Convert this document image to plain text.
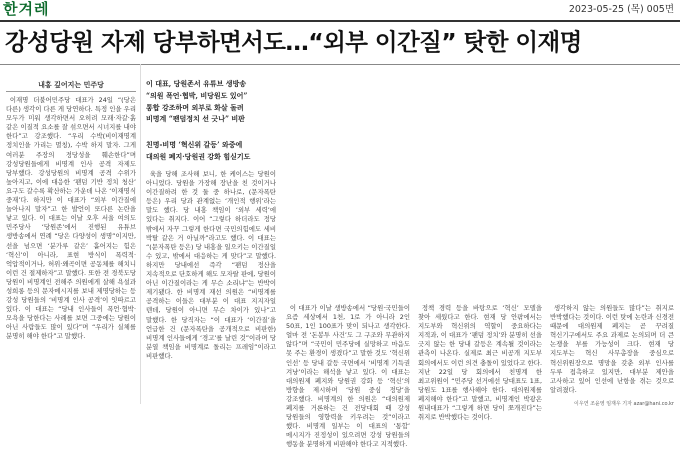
한겨레	2023-05-25 (목) 005면
강성당원 자제 당부하면서도…“외부 이간질” 탓한 이재명
내홍 깊어지는 민주당	이 대표, 당원존서 유튜브 생방송
“의원 폭언·협박, 비당원도 있어”
통합 강조하며 외부로 화살 돌려
비명계 “팬덤정치 선 긋나” 비판
친명-비명 ‘혁신위 갈등’ 와중에
대의원 폐지·당원권 강화 힘싣기도

이재명 더불어민주당 대표가 24일 “(당은 다른) 생각이 다른 게 당연하다. 특정 인을 우리 모두가 미워 생각하면서 오히려 모래·자갈·흙 같은 이질적 요소를 잘 섞으면서 시너지를 내야 한다”고 강조했다. “우리 수박(비이재명계 정치인을 가리는 멸칭), 수박 하지 말자. 그게 여러분 주장의 정당성을 훼손한다”며 강성당원들에게 비명계 인사 공격 자제도 당부했다. 강성당원의 비명계 공격 수위가 높아지고, 이에 대응한 ‘팬덤 기반 정치 청산’ 요구도 갈수록 확산하는 가운데 나온 ‘이재명식 중재’다. 하지만 이 대표가 “외부 이간질에 놀아나지 말자”고 한 발언이 또다른 논란을 낳고 있다. 이 대표는 이날 오후 서울 여의도 민주당사 ‘당원존’에서 진행된 유튜브 생방송에서 연례 “당은 다양성이 생명”이지만, 선을 넘으면 ‘분가루 같은’ 흩어지는 힘은 ‘혁신’이 아니라, 표현 방식이 폭력적·억압적이거나, 허위·왜곡이면 공동체를 해치니 이런 건 절제하자”고 말했다. 또한 전 경북도당 당원이 비명계인 전해주 의원에게 살해 욕설과 성희롱 등의 문자메시지를 보내 제명당하는 등 강성 당원들의 ‘비명계 인사 공격’이 잇따르고 있다. 이 대표는 “당내 인사들이 폭언·협박·모욕을 당한다는 사례를 보면 그중에는 당원이 아닌 사람들도 많이 있다”며 “우리가 실체를 분명히 해야 한다”고 말했다.

육을 당해 조사해 보니, 한 케이스는 당원이 아니었다. 당원을 가장해 장난을 친 것이거나 이간질하려 한 것 둘 중 하나로, (문자폭탄 등은) 우리 당과 관계없는 ‘개인적 행위’라는 말도 했다. 당 내홍 책임이 ‘외부 세력’에 있다는 취지다. 이어 “그렇다 하더라도 정당 밖에서 자꾸 그렇게 한다면 국민의힘에도 세비 박탈 같은 거 아닐까”라고도 했다. 이 대표는 “(문자폭탄 등은) 당 내홍을 일으키는 이간질일 수 있고, 밖에서 대응하는 게 맞다”고 말했다. 하지만 당내에선 즉각 “팬덤 정산을 지속적으로 단호하게 해도 모자랄 판에, 당원이 아닌 이간질이라는 게 무슨 소리냐”는 반박이 제기됐다. 한 비명계 재선 의원은 “비명계를 공격하는 이들은 대부분 이 대표 지지자일 텐데, 당원이 아니면 무슨 차이가 있나”고 말했다. 한 당직자는 “이 대표가 ‘이간질’을 언급한 건 (문자폭탄을 공개적으로 비판한) 비명계 인사들에게 ‘경고’를 날린 것”이라며 당 분열 책임을 비명계로 돌리는 프레임”이라고 비판했다.

이 대표가 이날 생방송에서 “당원·국민들이 요즘 세상에서 1천, 1로 가 아니라 2인 50표, 1인 100표가 맞이 되나고 생각한다. 얼마 전 ‘돈봉투 사건’도 그 구조와 무관하지 않다”며 “국민이 민주당에 실망하고 마음도 못 주는 환경이 생겼다”고 말한 것도 ‘혁신위 인선’ 등 당내 갈등 국면에서 ‘비명계 기득권 겨냥’이라는 해석을 낳고 있다. 이 대표는 대의원제 폐지와 당원권 강화 등 ‘혁신’의 방향을 제시하며 ‘당원 중심 정당’을 강조했다. 비명계의 한 의원은 “대의원제 폐지를 거론하는 건 전당대회 때 강성 당원들의 영향력을 키우려는 것”이라고 했다. 비명계 일부는 이 대표의 ‘통합’ 메시지가 진정성이 있으려면 강성 당원들의 행동을 분명하게 비판해야 한다고 지적했다.

정책 경력 등을 바탕으로 ‘혁신’ 모델을 찾아 세웠다고 한다. 현재 당 안팎에서는 지도부와 혁신위의 역할이 중요하다는 지적과, 이 대표가 ‘팬덤 정치’와 분명히 선을 긋지 않는 한 당내 갈등은 계속될 것이라는 관측이 나온다. 실제로 최근 비공개 지도부 회의에서도 이런 의견 충돌이 있었다고 한다. 지난 22일 당 회의에서 친명계 한 최고위원이 “민주당 선거에선 당대표도 1표, 당원도 1표를 행사해야 한다. 대의원제를 폐지해야 한다”고 말했고, 비명계인 박광온 원내대표가 “그렇게 하면 당이 쪼개진다”는 취지로 반박했다는 것이다.

생각하지 않는 의원들도 많다”는 취지로 반박했다는 것이다. 이런 탓에 논란과 신경전 때문에 대의원제 폐지는 곧 꾸려질 혁신기구에서도 주요 과제로 논의되며 더 큰 논쟁을 부를 가능성이 크다. 현재 당 지도부는 혁신 사무총장을 중심으로 혁신위원장으로 명망을 갖춘 외부 인사를 두루 접촉하고 있지만, 대부분 제안을 고사하고 있어 인선에 난항을 겪는 것으로 알려졌다.

이우연 조윤영 임재우 기자 azar@hani.co.kr
